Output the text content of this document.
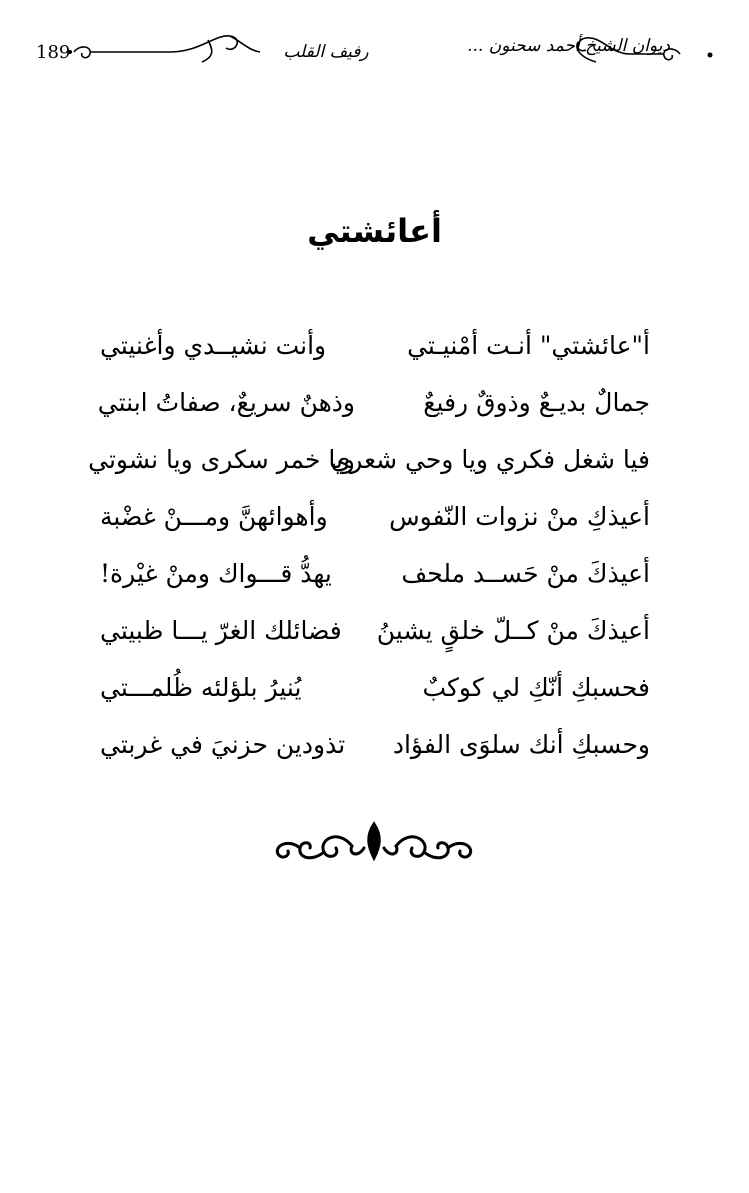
189	ديوان الشيخ أحمد سحنون ...
رفيف القلب
أعائشتي
أ"عائشتي" أنـت أمْنيـتي
وأنت نشيــدي وأغنيتي
جمالٌ بديـعٌ وذوقٌ رفيعٌ
وذهنٌ سريعٌ، صفاتُ ابنتي
فيا شغل فكري ويا وحي شعري
ويا خمر سكرى ويا نشوتي
أعيذكِ منْ نزوات النّفوس
وأهوائهنَّ ومـــنْ غضْبة
أعيذكَ منْ حَســد ملحف
يهدُّ قـــواك ومنْ غيْرة!
أعيذكَ منْ كــلّ خلقٍ يشينُ
فضائلك الغرّ يـــا ظبيتي
فحسبكِ أنّكِ لي كوكبٌ
يُنيرُ بلؤلئه ظُلمـــتي
وحسبكِ أنك سلوَى الفؤاد
تذودين حزنيَ في غربتي
